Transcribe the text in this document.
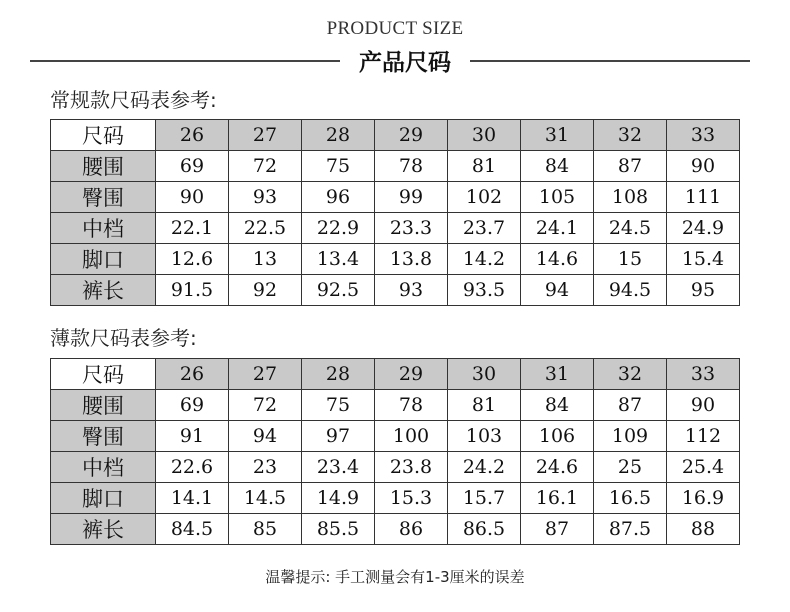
PRODUCT SIZE
产品尺码
常规款尺码表参考:
尺码	26	27	28	29	30	31	32	33
腰围	69	72	75	78	81	84	87	90
臀围	90	93	96	99	102	105	108	111
中档	22.1	22.5	22.9	23.3	23.7	24.1	24.5	24.9
脚口	12.6	13	13.4	13.8	14.2	14.6	15	15.4
裤长	91.5	92	92.5	93	93.5	94	94.5	95
薄款尺码表参考:
尺码	26	27	28	29	30	31	32	33
腰围	69	72	75	78	81	84	87	90
臀围	91	94	97	100	103	106	109	112
中档	22.6	23	23.4	23.8	24.2	24.6	25	25.4
脚口	14.1	14.5	14.9	15.3	15.7	16.1	16.5	16.9
裤长	84.5	85	85.5	86	86.5	87	87.5	88
温馨提示: 手工测量会有1-3厘米的误差
